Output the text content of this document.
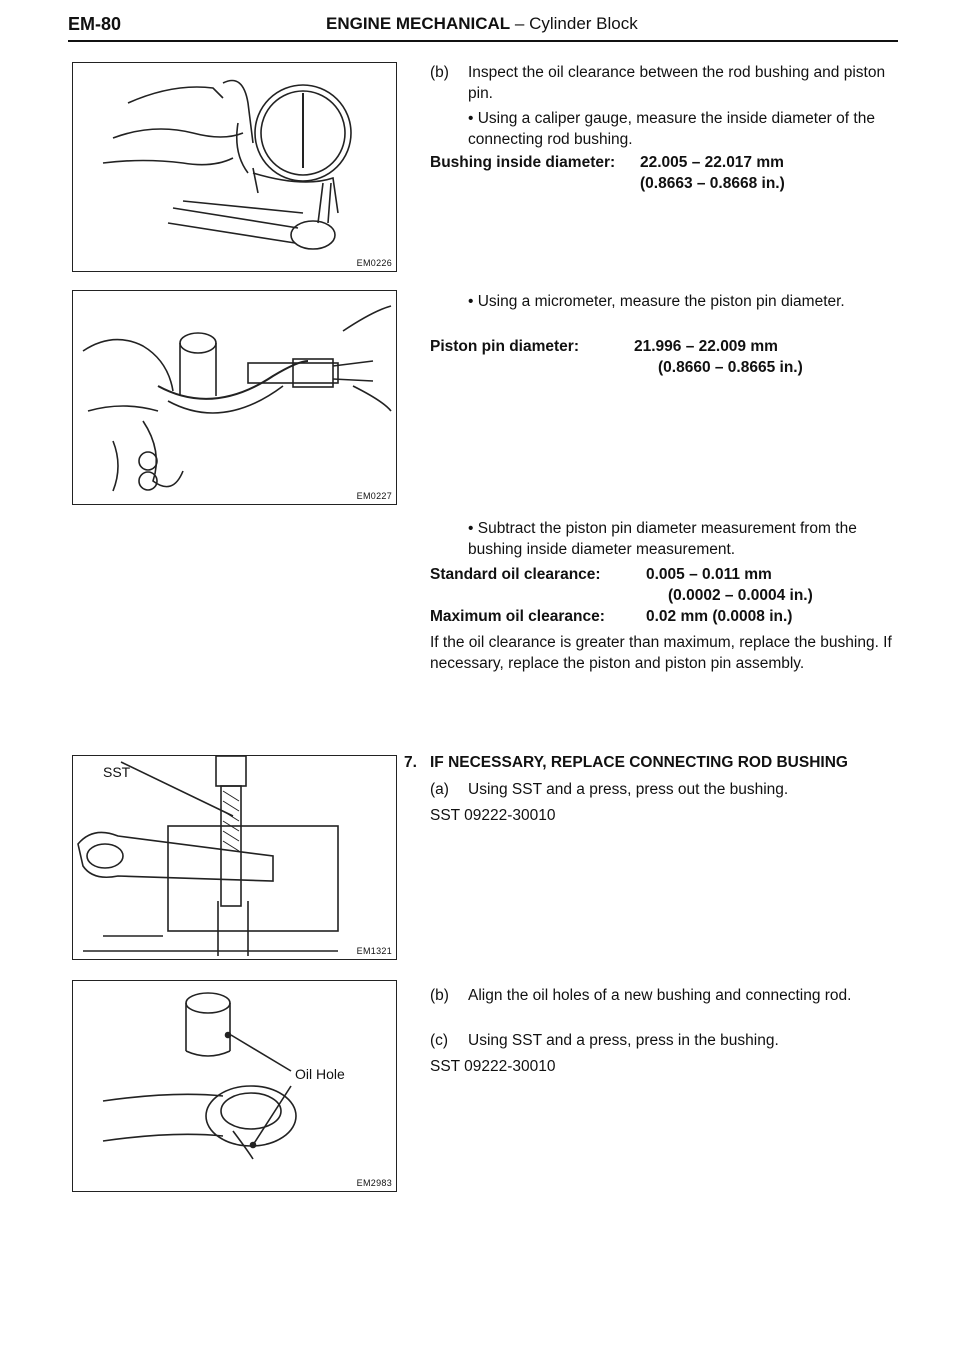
EM-80	ENGINE MECHANICAL – Cylinder Block
EM0226
EM0227
SST
EM1321
Oil Hole
EM2983
(b) Inspect the oil clearance between the rod bushing and piston pin.
• Using a caliper gauge, measure the inside diameter of the connecting rod bushing.
Bushing inside diameter: 22.005 – 22.017 mm
(0.8663 – 0.8668 in.)
• Using a micrometer, measure the piston pin diameter.
Piston pin diameter:	21.996 – 22.009 mm
(0.8660 – 0.8665 in.)
• Subtract the piston pin diameter measurement from the bushing inside diameter measurement.
Standard oil clearance:	0.005 – 0.011 mm
(0.0002 – 0.0004 in.)
Maximum oil clearance:	0.02 mm (0.0008 in.)
If the oil clearance is greater than maximum, replace the bushing. If necessary, replace the piston and piston pin assembly.
7. IF NECESSARY, REPLACE CONNECTING ROD BUSHING
(a) Using SST and a press, press out the bushing.
SST 09222-30010
(b) Align the oil holes of a new bushing and connecting rod.
(c) Using SST and a press, press in the bushing.
SST 09222-30010
